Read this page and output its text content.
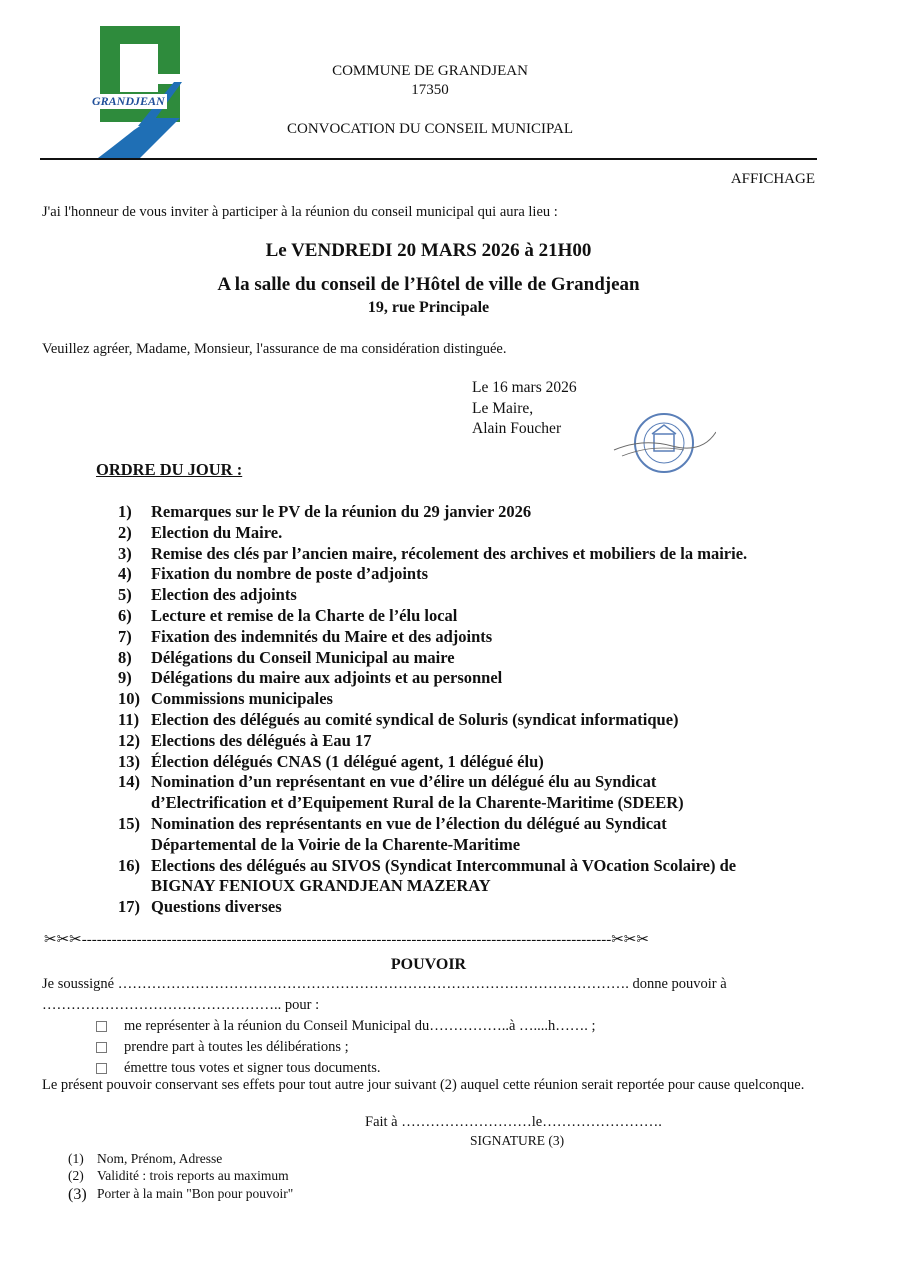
GRANDJEAN
COMMUNE DE GRANDJEAN
17350
CONVOCATION DU CONSEIL MUNICIPAL
AFFICHAGE
J'ai l'honneur de vous inviter à participer à la réunion du conseil municipal qui aura lieu :
Le VENDREDI 20 MARS 2026 à 21H00
A la salle du conseil de l’Hôtel de ville de Grandjean
19, rue Principale
Veuillez agréer, Madame, Monsieur, l'assurance de ma considération distinguée.
Le 16 mars 2026
Le Maire,
Alain Foucher
ORDRE DU JOUR :
1)	Remarques sur le PV de la réunion du 29 janvier 2026
2)	Election du Maire.
3)	Remise des clés par l’ancien maire, récolement des archives et mobiliers de la mairie.
4)	Fixation du nombre de poste d’adjoints
5)	Election des adjoints
6)	Lecture et remise de la Charte de l’élu local
7)	Fixation des indemnités du Maire et des adjoints
8)	Délégations du Conseil Municipal au maire
9)	Délégations du maire aux adjoints et au personnel
10) Commissions municipales
11) Election des délégués au comité syndical de Soluris (syndicat informatique)
12) Elections des délégués à Eau 17
13) Élection délégués CNAS (1 délégué agent, 1 délégué élu)
14) Nomination d’un représentant en vue d’élire un délégué élu au Syndicat
d’Electrification et d’Equipement Rural de la Charente-Maritime (SDEER)
15) Nomination des représentants en vue de l’élection du délégué au Syndicat
Départemental de la Voirie de la Charente-Maritime
16) Elections des délégués au SIVOS (Syndicat Intercommunal à VOcation Scolaire) de
BIGNAY FENIOUX GRANDJEAN MAZERAY
17) Questions diverses
✂✂✂----------------------------------------------------------------------------------------------------------✂✂✂
POUVOIR
Je soussigné ……………………………………………………………………………………………. donne pouvoir à
………………………………………….. pour :
me représenter à la réunion du Conseil Municipal du……………..à …....h……. ;
prendre part à toutes les délibérations ;
émettre tous votes et signer tous documents.
Le présent pouvoir conservant ses effets pour tout autre jour suivant (2) auquel cette réunion serait reportée pour cause quelconque.
Fait à ………………………le…………………….
SIGNATURE (3)
(1) Nom, Prénom, Adresse
(2) Validité : trois reports au maximum
(3) Porter à la main "Bon pour pouvoir"
